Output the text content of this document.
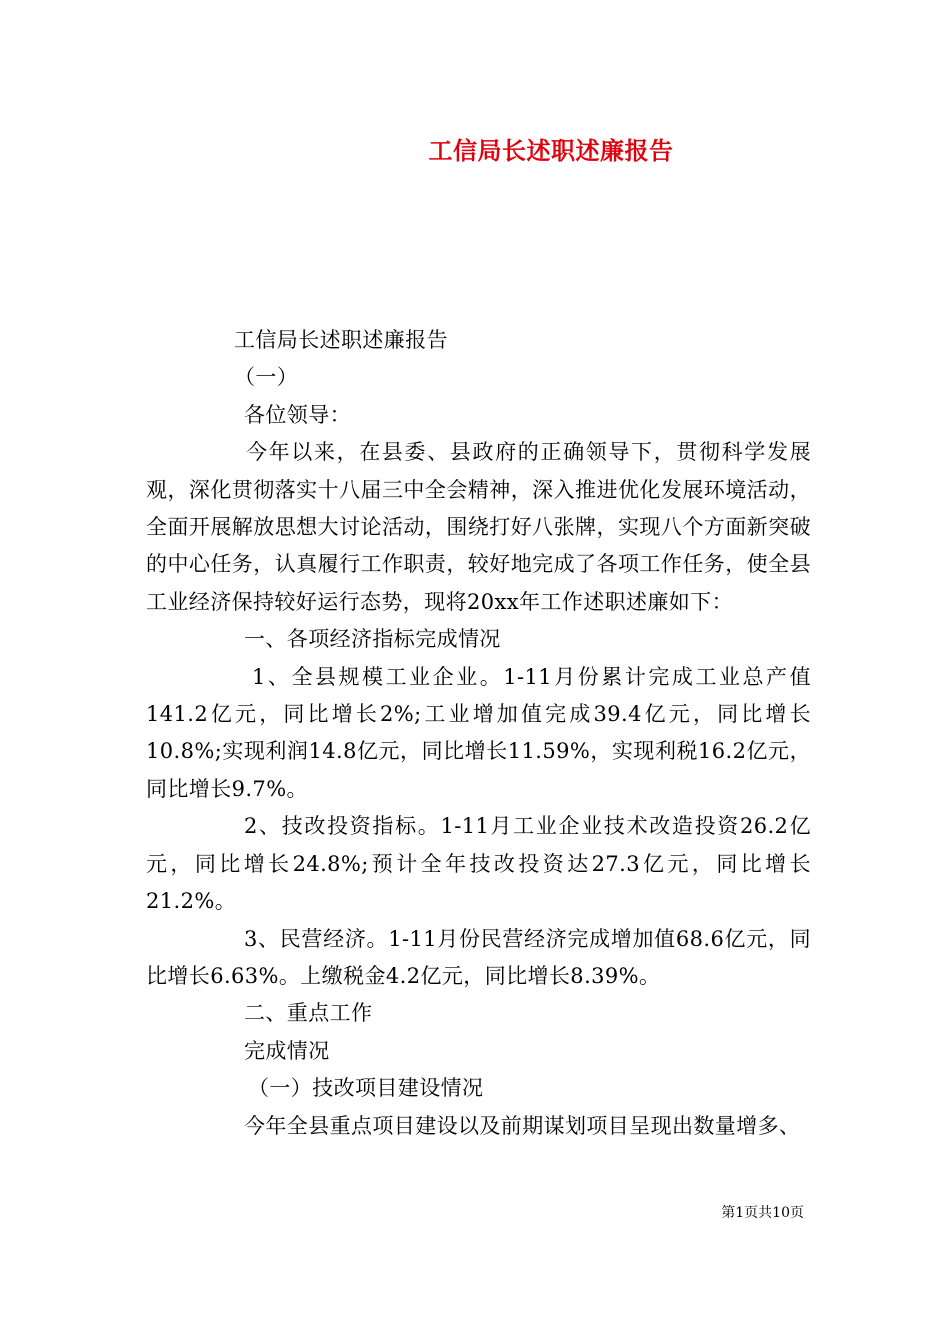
工信局长述职述廉报告

工信局长述职述廉报告

（一）

各位领导：

今年以来，在县委、县政府的正确领导下，贯彻科学发展观，深化贯彻落实十八届三中全会精神，深入推进优化发展环境活动，全面开展解放思想大讨论活动，围绕打好八张牌，实现八个方面新突破的中心任务，认真履行工作职责，较好地完成了各项工作任务，使全县工业经济保持较好运行态势，现将20xx年工作述职述廉如下：

一、各项经济指标完成情况

1、全县规模工业企业。1-11月份累计完成工业总产值141.2亿元，同比增长2%;工业增加值完成39.4亿元，同比增长10.8%;实现利润14.8亿元，同比增长11.59%，实现利税16.2亿元，同比增长9.7%。

2、技改投资指标。1-11月工业企业技术改造投资26.2亿元，同比增长24.8%;预计全年技改投资达27.3亿元，同比增长21.2%。

3、民营经济。1-11月份民营经济完成增加值68.6亿元，同比增长6.63%。上缴税金4.2亿元，同比增长8.39%。

二、重点工作

完成情况

（一）技改项目建设情况

今年全县重点项目建设以及前期谋划项目呈现出数量增多、

第1页共10页
